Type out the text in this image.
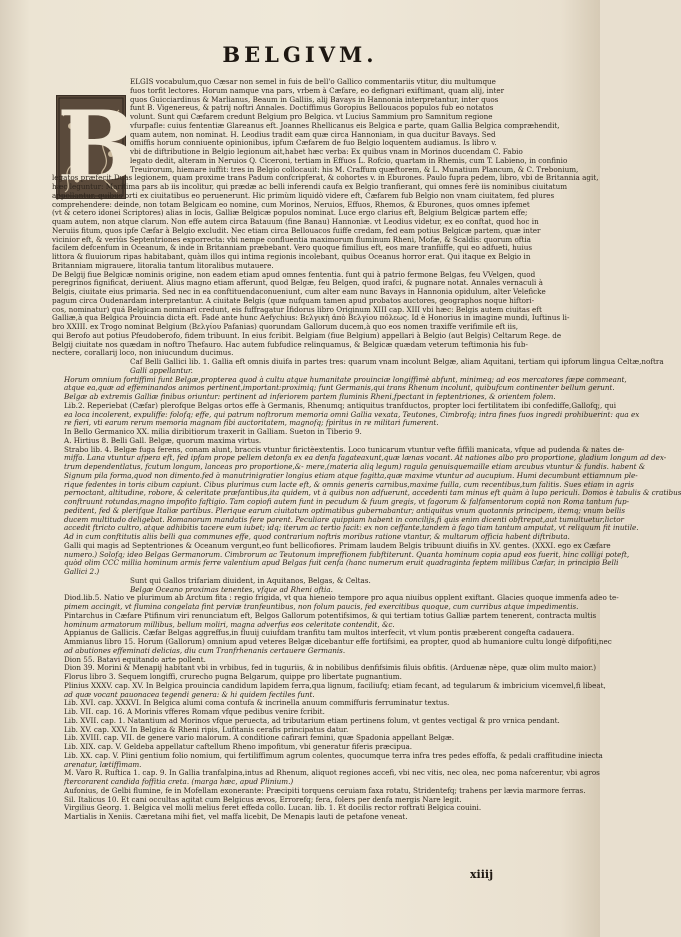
BELGIVM.
B
ELGIS vocabulum,quo Cæsar non semel in fuis de bell'o Gallico commentariis vtitur, diu multumque
fuos torfit lectores. Horum namque vna pars, vrbem à Cæfare, eo defignari exiftimant, quam alij, inter
quos Guicciardinus & Marlianus, Beaum in Galliis, alij Bavays in Hannonia interpretantur, inter quos
funt B. Vigenereus, & patrij noftri Annales. Doctiffimus Goropius Bellouacos populos fub eo notatos
volunt. Sunt qui Cæfarem credunt Belgium pro Belgica. vt Lucius Sammium pro Samnitum regione
vfurpafle: cuius fententiæ Glareanus eft. Joannes Rhellicanus eis Belgica e parte, quam Gallia Belgica compræhendit,
quam autem, non nominat. H. Leodius tradit eam quæ circa Hannoniam, in qua ducitur Bavays. Sed
omiffis horum conniuente opinionibus, ipfum Cæfarem de fuo Belgio loquentem audiamus. Is libro v.
vbi de diftributione in Belgio legionum ait,habet hæc verba: Ex quibus vnam in Morinos ducendam C. Fabio
legato dedit, alteram in Neruios Q. Ciceroni, tertiam in Effuos L. Rofcio, quartam in Rhemis, cum T. Labieno, in confinio
Treuirorum, hiemare iuffit: tres in Belgio collocauit: his M. Craffum quæftorem, & L. Munatium Plancum, & C. Trebonium,
legatos præfecit.Duas legionem, quam proxime trans Padum confcripferat, & cohortes v. in Eburones. Paulo fupra pedem, libro, vbi de Britannia agit,
hæc leguntur: Maritima pars ab iis incolitur, qui prædæ ac belli inferendi caufa ex Belgio tranfierant, qui omnes ferè iis nominibus ciuitatum
appellantur, quibus orti ex ciuitatibus eo peruenerunt. Hic primùm liquidò videre eft, Cæfarem fub Belgio non vnam ciuitatem, fed plures
comprehendere: deinde, non totam Belgicam eo nomine, cum Morinos, Neruios, Effuos, Rhemos, & Eburones, quos omnes ipfemet
(vt & cetero idonei Scriptores) alias in locis, Galliæ Belgicæ populos nominat. Luce ergo clarius eft, Belgium Belgicæ partem effe;
quam autem, non atque clarum. Non effe autem circa Batauum (fine Banau) Hannoniæ. vt Leodius videtur, ex eo conftat, quod hoc in
Neruiis fitum, quos ipfe Cæfar à Belgio excludit. Nec etiam circa Bellouacos fuiffe credam, fed eam potius Belgicæ partem, quæ inter
vicinior eft, & veriùs Septentriones exporrecta: vbi nempe confluentia maximorum fluminum Rheni, Mofæ, & Scaldis: quorum oftia
facilem defcenfum in Oceanum, & inde in Britanniam præbebant. Vero quoque fimilius eft, eos mare tranfiiffe, qui eo adfueti, huius
littora & fluuiorum ripas habitabant, quàm illos qui intima regionis incolebant, quibus Oceanus horror erat. Qui itaque ex Belgio in
Britanniam migrauere, litoralia tantum litoralibus mutauere.
De Belgij fiue Belgicæ nominis origine, non eadem etiam apud omnes fententia. funt qui à patrio fermone Belgas, feu VVelgen, quod
peregrinos fignificat, deriuent. Alius magno etiam afferunt, quod Belgæ, feu Belgen, quod irafci, & pugnare notat. Annales vernaculi à
Belgis, ciuitate eius primaria. Sed nec in ea conftituendaconueniunt, cum alter eam nunc Bavays in Hannonia opidulum, alter Veleficke
pagum circa Oudenardam interpretantur. A ciuitate Belgis (quæ nufquam tamen apud probatos auctores, geographos noque hiftori-
cos, nominatur) quá Belgicam nominari credunt, eis fuffragatur Ifidorus libro Originum XIII cap. XIII vbi hæc: Belgis autem ciuitas eft
Galliæ,à qua Belgica Prouincia dicta eft. Fadé ante hunc Aefychius: Βελγικὴ ἀπὸ Βελγίου πόλεως. Id è Honorius in imagine mundi, Iuftinus li-
bro XXIII. ex Trogo nominat Belgium (Βελγίου Pafanias) quorundam Gallorum ducem,à quo eos nomen traxiffe verifimile eft iis,
qui Berofo aut potius Pfeudoberofo, fidem tribuunt. In eius fcribit. Belgiam (fiue Belgium) appellari à Belgio (aut Belgis) Celtarum Rege. de
Belgij ciuitate nos quædam in noftro Thefauro. Hac autem fubfudice relinquamus, & Belgicæ quædam veterum teftimonia his fub-
nectere, corallarij loco, non iniucundum ducimus.
Caf Belli Gallici lib. 1. Gallia eft omnis diuifa in partes tres: quarum vnam incolunt Belgæ, aliam Aquitani, tertiam qui ipforum lingua Celtæ,noftra
Galli appellantur.
Horum omnium fortiffimi funt Belgæ,propterea quod à cultu atque humanitate prouinciæ longiffimè abfunt, minimeq; ad eos mercatores fæpe commeant,
atque ea,quæ ad effeminandos animos pertinent,important:proximiq; funt Germanis,qui trans Rhenum incolunt, quibufcum continenter bellum gerunt.
Belgæ ab extremis Galliæ finibus oriuntur: pertinent ad inferiorem partem fluminis Rheni,fpectant in feptentriones, & orientem folem.
Lib.2. Reperiebat (Cæfar) plerofque Belgas ortos effe à Germanis, Rhenumq; antiquitus tranfductos, propter loci fertilitatem ibi confediffe,Gallofq;, qui
ea loca incolerent, expuliffe: folofq; effe, qui patrum noftrorum memoria omni Gallia vexata, Teutones, Cimbrofq; intra fines fuos ingredi prohibuerint: qua ex
re fieri, vti earum rerum memoria magnam fibi auctoritatem, magnofq; fpiritus in re militari fumerent.
In Bello Germanico XX. milia diribitiorum traxerit in Galliam. Sueton in Tiberio 9.
A. Hirtius 8. Belli Gall. Belgæ, quorum maxima virtus.
Strabo lib. 4. Belgæ fuga ferens, conam alunt, braccis vtuntur firictèextentis. Loco tunicarum vtuntur vefte fiffili manicata, vfque ad pudenda & nates de-
miffa. Lana vtuntur afpera eft, fed ipfam prope pellem detonfa ex ea denfa fagateaxunt,quæ lænas vocant. At nationes albo pro proportione, gladium longum ad dex-
trum dependentlatus, fcutum longum, lanceas pro proportione,&- mere,(materia aliq legum) ragula genuisquemaille etiam arcubus vtuntur & fundis. habent &
Signum pila forma,quod non dimento.fed à manutrinigratier longius etiam atque fagitta,quæ maxime vtuntur ad aucupium. Humi decumbunt ettiamnum ple-
rique fedentes in toris cibum capiunt. Cibus plurimus cum lacte eft, & omnis generis carnibus,maxime fuilla, cum recentibus,tum falitis. Sues etiam in agris
pernoctant, altitudine, robore, & celeritate præfantibus,ita quidem, vt à quibus non adfuerunt, accedenti tam minus eft quàm à lupo periculi. Domos è tabulis & cratibus
conftruunt rotundas,magno impofito faftigio. Tam copiofi autem funt in pecudum & fuum gregis, vt fagorum & falfamentorum copiâ non Roma tantum fup-
peditent, fed & plerifque Italiæ partibus. Plerique earum ciuitatum optimatibus gubernabantur; antiquitus vnum quotannis principem, itemq; vnum bellis
ducem multitudo deligebat. Romanorum mandatis fere parent. Peculiare quippiam habent in concilijs,fi quis enim dicenti obftrepat,aut tumultuetur,lictor
accedit ftricto cultro, atque adhibitis tacere eum iubet; idq; iterum ac tertio facit: ex non ceffante,tandem à fago tiam tantum amputat, vt reliquum fit inutile.
Ad in cum conftitutis aliis belli qua communes effe, quod contrarium noftris moribus ratione vtantur, & multarum officia habent diftributa.
Galli qui magis ad Septentriones & Oceanum vergunt,eo funt bellicofiores. Primam laudem Belgis tribuunt diuifis in XV. gentes. (XXXI. ego ex Cæfare
numero.) Solofq; ideo Belgas Germanorum. Cimbrorum ac Teutonum impreffionem fubftiterunt. Quanta hominum copia apud eos fuerit, hinc colligi poteft,
quòd olim CCC millia hominum armis ferre valentium apud Belgas fuit cenfa (hanc numerum eruit quadraginta feptem millibus Cæfar, in principio Belli
Gallici 2.)
Sunt qui Gallos trifariam diuident, in Aquitanos, Belgas, & Celtas.
Belgæ Oceano proximas tenentes, vfque ad Rheni oftia.
Diod.lib.5. Natio ve plurimum ab Arctum fita : regio frigida, vt qua hieneio tempore pro aqua niuibus opplent exiftant. Glacies quoque immenfa adeo te-
pimem accingit, vt flumina congelata fint perviæ tranfeuntibus, non folum paucis, fed exercitibus quoque, cum curribus atque impedimentis.
Pintarchus in Cæfare Ptifinum viri renunciatum eft, Belgos Gallorum potentifsimos, & qui tertiam totius Galliæ partem tenerent, contracta multis
hominum armatorum millibus, bellum moliri, magna adverfus eos celeritate contendit, &c.
Appianus de Gallicis. Cæfar Belgas aggreffus,in fluuij cuiufdam tranfitu tam multos interfecit, vt vlum pontis præberent congefta cadauera.
Ammianus libro 15. Horum (Gallorum) omnium apud veteres Belgæ dicebantur effe fortifsimi, ea propter, quod ab humaniore cultu longè difpofiti,nec
ad abutiones effeminati delicias, diu cum Tranfrhenanis certauere Germanis.
Dion 55. Batavi equitando arte pollent.
Dion 39. Morini & Menapij habitant vbi in vrbibus, fed in tuguriis, & in nobilibus denfifsimis filuis obfitis. (Arduenæ nèpe, quæ olim multo maior.)
Florus libro 3. Sequem longiffi, crurecho pugna Belgarum, quippe pro libertate pugnantium.
Plinius XXXV. cap. XV. In Belgica prouincia candidum lapidem ferra,qua lignum, faciliufq; etiam fecant, ad tegularum & imbricium vicemvel,fi libeat,
ad quæ vocant pauonacea tegendi genera: & hi quidem fectiles funt.
Lib. XVI. cap. XXXVI. In Belgica alumi coma contufa & incrinella anuum commiffuris ferruminatur textus.
Lib. VII. cap. 16. A Morinis vfferes Romam vfque pedibus venire fcribit.
Lib. XVII. cap. 1. Natantium ad Morinos vfque peruecta, ad tributarium etiam pertinens folum, vt gentes vectigal & pro vrnica pendant.
Lib. XV. cap. XXV. In Belgica & Rheni ripis, Lufitanis cerafis principatus datur.
Lib. XVIII. cap. VII. de genere vario malorum. A conditione cafirari femini, quæ Spadonia appellant Belgæ.
Lib. XIX. cap. V. Geldeba appellatur caftellum Rheno impofitum, vbi generatur fiferis præcipua.
Lib. XX. cap. V. Plini gentium folio nomium, qui fertiliffimum agrum colentes, quocumque terra infra tres pedes effoffa, & pedali craffitudine iniecta
arenatur, lætiffimam.
M. Varo R. Ruftica 1. cap. 9. In Gallia tranfalpina,intus ad Rhenum, aliquot regiones accefi, vbi nec vitis, nec olea, nec poma nafcerentur, vbi agros
ftercorarent candida foffitia creta. (marga hæc, apud Plinium.)
Aufonius, de Gelbi flumine, fe in Mofellam exonerante: Præcipiti torquens ceruiam faxa rotatu, Stridentefq; trahens per lævia marmore ferras.
Sil. Italicus 10. Et cani occultas agitat cum Belgicus ævos, Errorefq; fera, folers per denfa mergis Nare legit.
Virgilius Georg. 1. Belgica vel molli melius feret effeda collo. Lucan. lib. 1. Et docilis rector roftrati Belgica couini.
Martialis in Xeniis. Cæretana mihi fiet, vel maffa licebit, De Menapis lauti de petafone veneat.
xiiij
